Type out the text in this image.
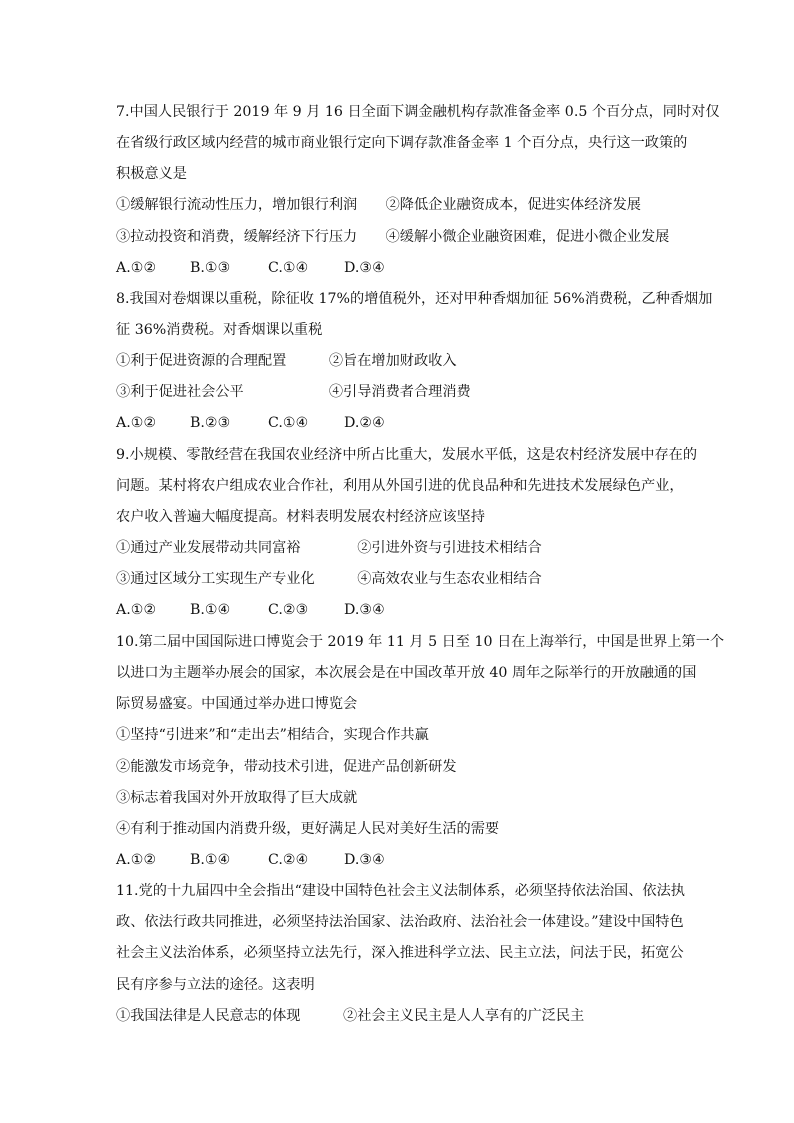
7.中国人民银行于 2019 年 9 月 16 日全面下调金融机构存款准备金率 0.5 个百分点，同时对仅
在省级行政区域内经营的城市商业银行定向下调存款准备金率 1 个百分点，央行这一政策的
积极意义是
①缓解银行流动性压力，增加银行利润　　②降低企业融资成本，促进实体经济发展
③拉动投资和消费，缓解经济下行压力　　④缓解小微企业融资困难，促进小微企业发展
A.①② B.①③	C.①④	D.③④
8.我国对卷烟课以重税，除征收 17%的增值税外，还对甲种香烟加征 56%消费税，乙种香烟加
征 36%消费税。对香烟课以重税
①利于促进资源的合理配置　　　②旨在增加财政收入
③利于促进社会公平　　　　　　④引导消费者合理消费
A.①② B.②③	C.①④	D.②④
9.小规模、零散经营在我国农业经济中所占比重大，发展水平低，这是农村经济发展中存在的
问题。某村将农户组成农业合作社，利用从外国引进的优良品种和先进技术发展绿色产业，
农户收入普遍大幅度提高。材料表明发展农村经济应该坚持
①通过产业发展带动共同富裕　　　　②引进外资与引进技术相结合
③通过区域分工实现生产专业化　　　④高效农业与生态农业相结合
A.①② B.①④	C.②③	D.③④
10.第二届中国国际进口博览会于 2019 年 11 月 5 日至 10 日在上海举行，中国是世界上第一个
以进口为主题举办展会的国家，本次展会是在中国改革开放 40 周年之际举行的开放融通的国
际贸易盛宴。中国通过举办进口博览会
①坚持“引进来”和“走出去”相结合，实现合作共赢
②能激发市场竞争，带动技术引进，促进产品创新研发
③标志着我国对外开放取得了巨大成就
④有利于推动国内消费升级，更好满足人民对美好生活的需要
A.①② B.①④	C.②④	D.③④
11.党的十九届四中全会指出“建设中国特色社会主义法制体系，必须坚持依法治国、依法执
政、依法行政共同推进，必须坚持法治国家、法治政府、法治社会一体建设。”建设中国特色
社会主义法治体系，必须坚持立法先行，深入推进科学立法、民主立法，问法于民，拓宽公
民有序参与立法的途径。这表明
①我国法律是人民意志的体现　　　②社会主义民主是人人享有的广泛民主
